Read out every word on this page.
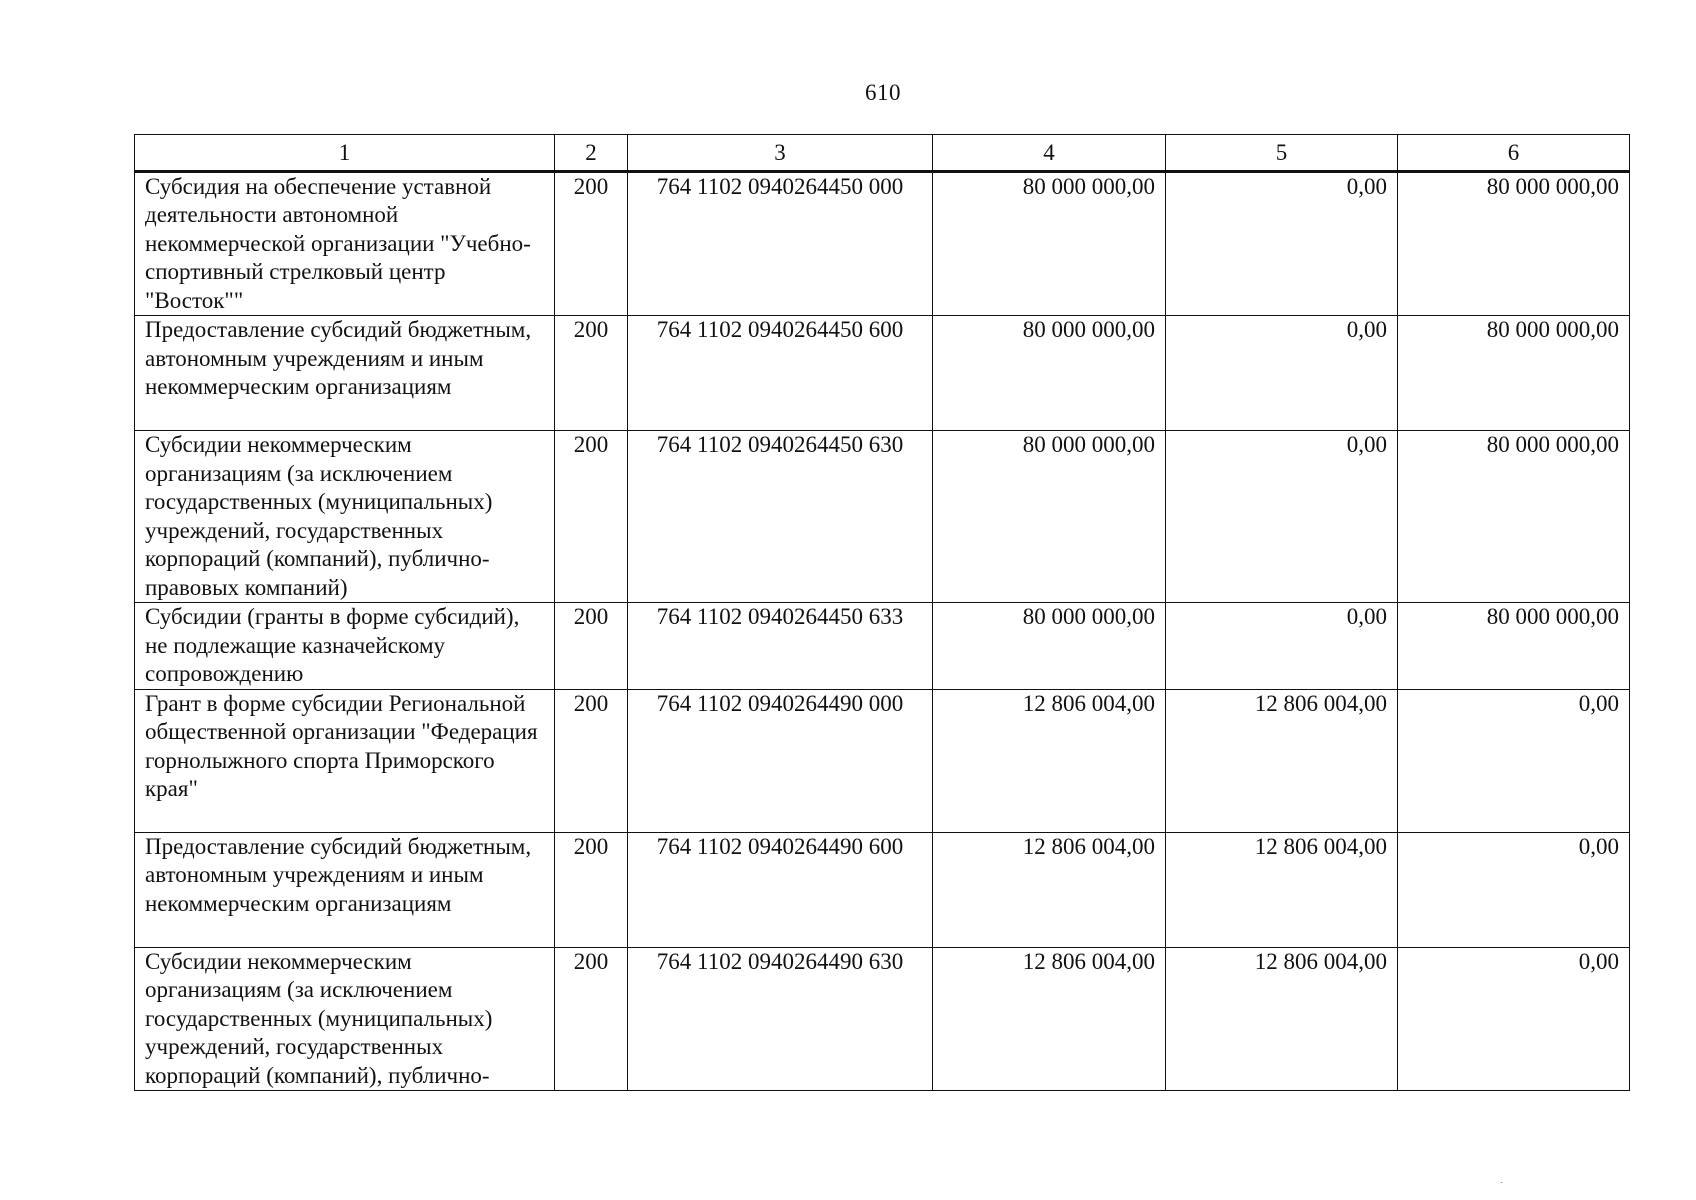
610
1	2	3	4	5	6
Субсидия на обеспечение уставной деятельности автономной некоммерческой организации "Учебно-спортивный стрелковый центр "Восток""	200	764 1102 0940264450 000	80 000 000,00	0,00	80 000 000,00
Предоставление субсидий бюджетным, автономным учреждениям и иным некоммерческим организациям	200	764 1102 0940264450 600	80 000 000,00	0,00	80 000 000,00
Субсидии некоммерческим организациям (за исключением государственных (муниципальных) учреждений, государственных корпораций (компаний), публично-правовых компаний)	200	764 1102 0940264450 630	80 000 000,00	0,00	80 000 000,00
Субсидии (гранты в форме субсидий), не подлежащие казначейскому сопровождению	200	764 1102 0940264450 633	80 000 000,00	0,00	80 000 000,00
Грант в форме субсидии Региональной общественной организации "Федерация горнолыжного спорта Приморского края"	200	764 1102 0940264490 000	12 806 004,00	12 806 004,00	0,00
Предоставление субсидий бюджетным, автономным учреждениям и иным некоммерческим организациям	200	764 1102 0940264490 600	12 806 004,00	12 806 004,00	0,00
Субсидии некоммерческим организациям (за исключением государственных (муниципальных) учреждений, государственных корпораций (компаний), публично-	200	764 1102 0940264490 630	12 806 004,00	12 806 004,00	0,00
